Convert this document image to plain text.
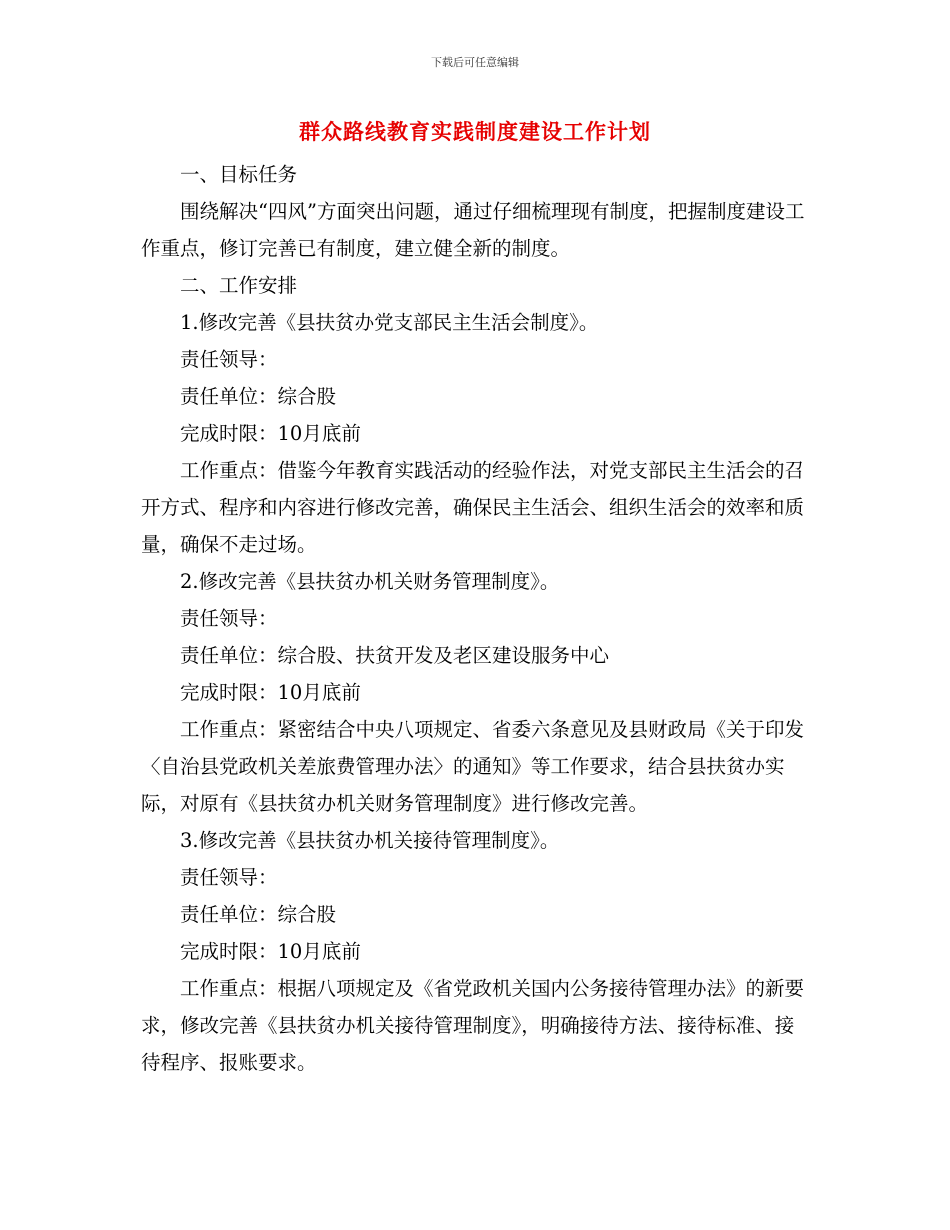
下载后可任意编辑
群众路线教育实践制度建设工作计划

一、目标任务

围绕解决“四风”方面突出问题，通过仔细梳理现有制度，把握制度建设工作重点，修订完善已有制度，建立健全新的制度。

二、工作安排

1.修改完善《县扶贫办党支部民主生活会制度》。

责任领导：

责任单位：综合股

完成时限：10月底前

工作重点：借鉴今年教育实践活动的经验作法，对党支部民主生活会的召开方式、程序和内容进行修改完善，确保民主生活会、组织生活会的效率和质量，确保不走过场。

2.修改完善《县扶贫办机关财务管理制度》。

责任领导：

责任单位：综合股、扶贫开发及老区建设服务中心

完成时限：10月底前

工作重点：紧密结合中央八项规定、省委六条意见及县财政局《关于印发〈自治县党政机关差旅费管理办法〉的通知》等工作要求，结合县扶贫办实际，对原有《县扶贫办机关财务管理制度》进行修改完善。

3.修改完善《县扶贫办机关接待管理制度》。

责任领导：

责任单位：综合股

完成时限：10月底前

工作重点：根据八项规定及《省党政机关国内公务接待管理办法》的新要求，修改完善《县扶贫办机关接待管理制度》，明确接待方法、接待标准、接待程序、报账要求。
